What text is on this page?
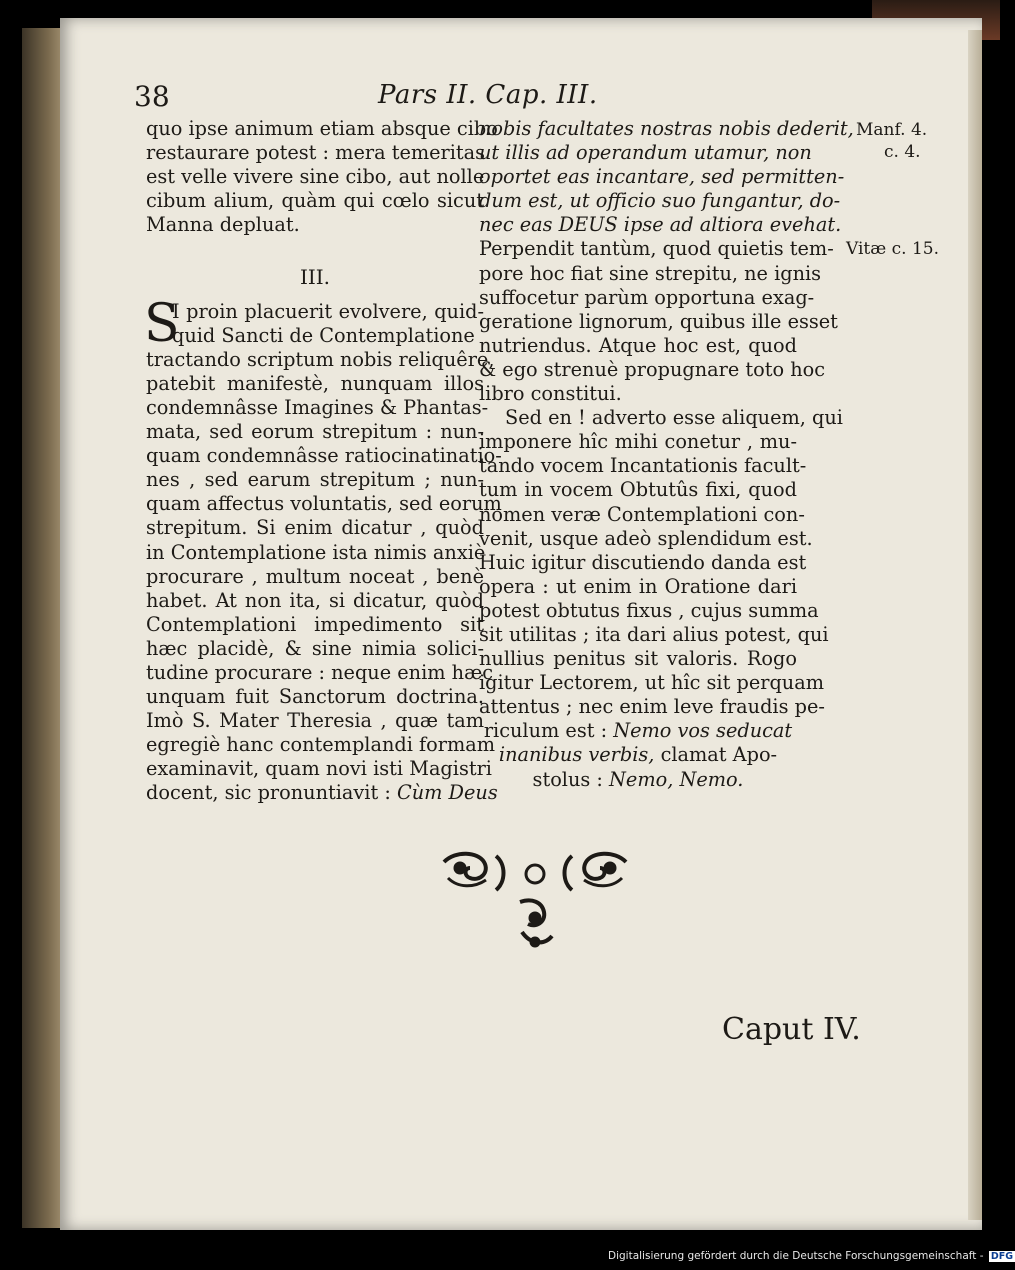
38	Pars II. Cap. III.
quo ipse animum etiam absque cibo
restaurare potest : mera temeritas
est velle vivere sine cibo, aut nolle
cibum alium, quàm qui cœlo sicut
Manna depluat.
III.
S
I proin placuerit evolvere, quid-
quid Sancti de Contemplatione
tractando scriptum nobis reliquêre,
patebit manifestè, nunquam illos
condemnâsse Imagines & Phantas-
mata, sed eorum strepitum : nun-
quam condemnâsse ratiocinatinatio-
nes , sed earum strepitum ; nun-
quam affectus voluntatis, sed eorum
strepitum. Si enim dicatur , quòd
in Contemplatione ista nimis anxiè
procurare , multum noceat , benè
habet. At non ita, si dicatur, quòd
Contemplationi impedimento sit
hæc placidè, & sine nimia solici-
tudine procurare : neque enim hæc
unquam fuit Sanctorum doctrina.
Imò S. Mater Theresia , quæ tam
egregiè hanc contemplandi formam
examinavit, quam novi isti Magistri
docent, sic pronuntiavit : Cùm Deus
nobis facultates nostras nobis dederit,
ut illis ad operandum utamur, non
oportet eas incantare, sed permitten-
dum est, ut officio suo fungantur, do-
nec eas DEUS ipse ad altiora evehat.
Perpendit tantùm, quod quietis tem-
pore hoc fiat sine strepitu, ne ignis
suffocetur parùm opportuna exag-
geratione lignorum, quibus ille esset
nutriendus. Atque hoc est, quod
& ego strenuè propugnare toto hoc
libro constitui.
Sed en ! adverto esse aliquem, qui
imponere hîc mihi conetur , mu-
tando vocem Incantationis facult-
tum in vocem Obtutûs fixi, quod
nomen veræ Contemplationi con-
venit, usque adeò splendidum est.
Huic igitur discutiendo danda est
opera : ut enim in Oratione dari
potest obtutus fixus , cujus summa
sit utilitas ; ita dari alius potest, qui
nullius penitus sit valoris. Rogo
igitur Lectorem, ut hîc sit perquam
attentus ; nec enim leve fraudis pe-
riculum est : Nemo vos seducat
inanibus verbis, clamat Apo-
stolus : Nemo, Nemo.
Manf. 4.
c. 4.
Vitæ c. 15.
Caput IV.
Digitalisierung gefördert durch die Deutsche Forschungsgemeinschaft - DFG
